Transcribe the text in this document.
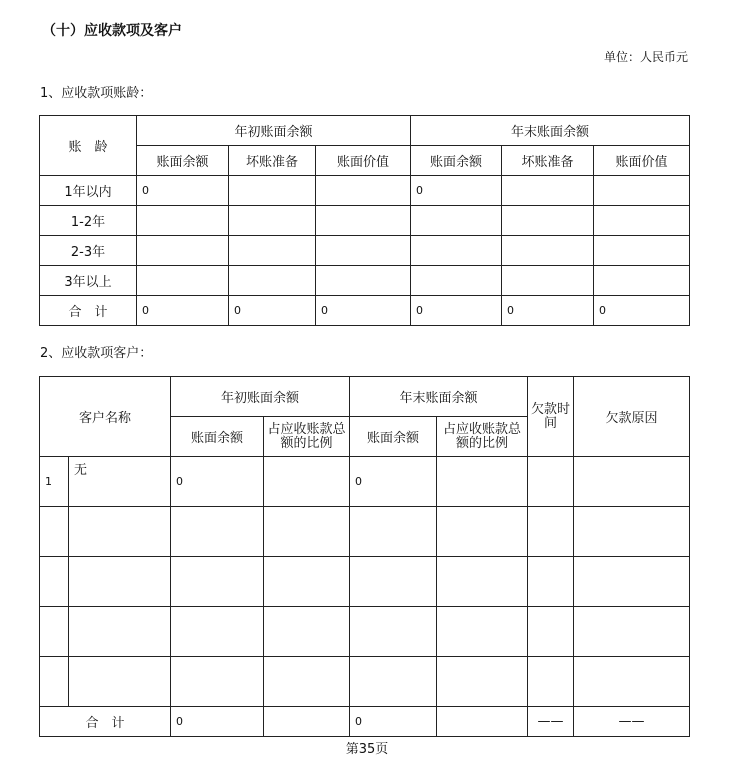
（十）应收款项及客户
单位：人民币元
1、应收款项账龄：
账　龄	年初账面余额			年末账面余额		
	账面余额	坏账准备	账面价值	账面余额	坏账准备	账面价值
1年以内	0			0		
1-2年						
2-3年						
3年以上						
合　计	0	0	0	0	0	0
2、应收款项客户：
客户名称		年初账面余额		年末账面余额		欠款时间	欠款原因
		账面余额	占应收账款总额的比例	账面余额	占应收账款总额的比例		
1	无	0		0			

合　计		0		0		——	——
第35页
